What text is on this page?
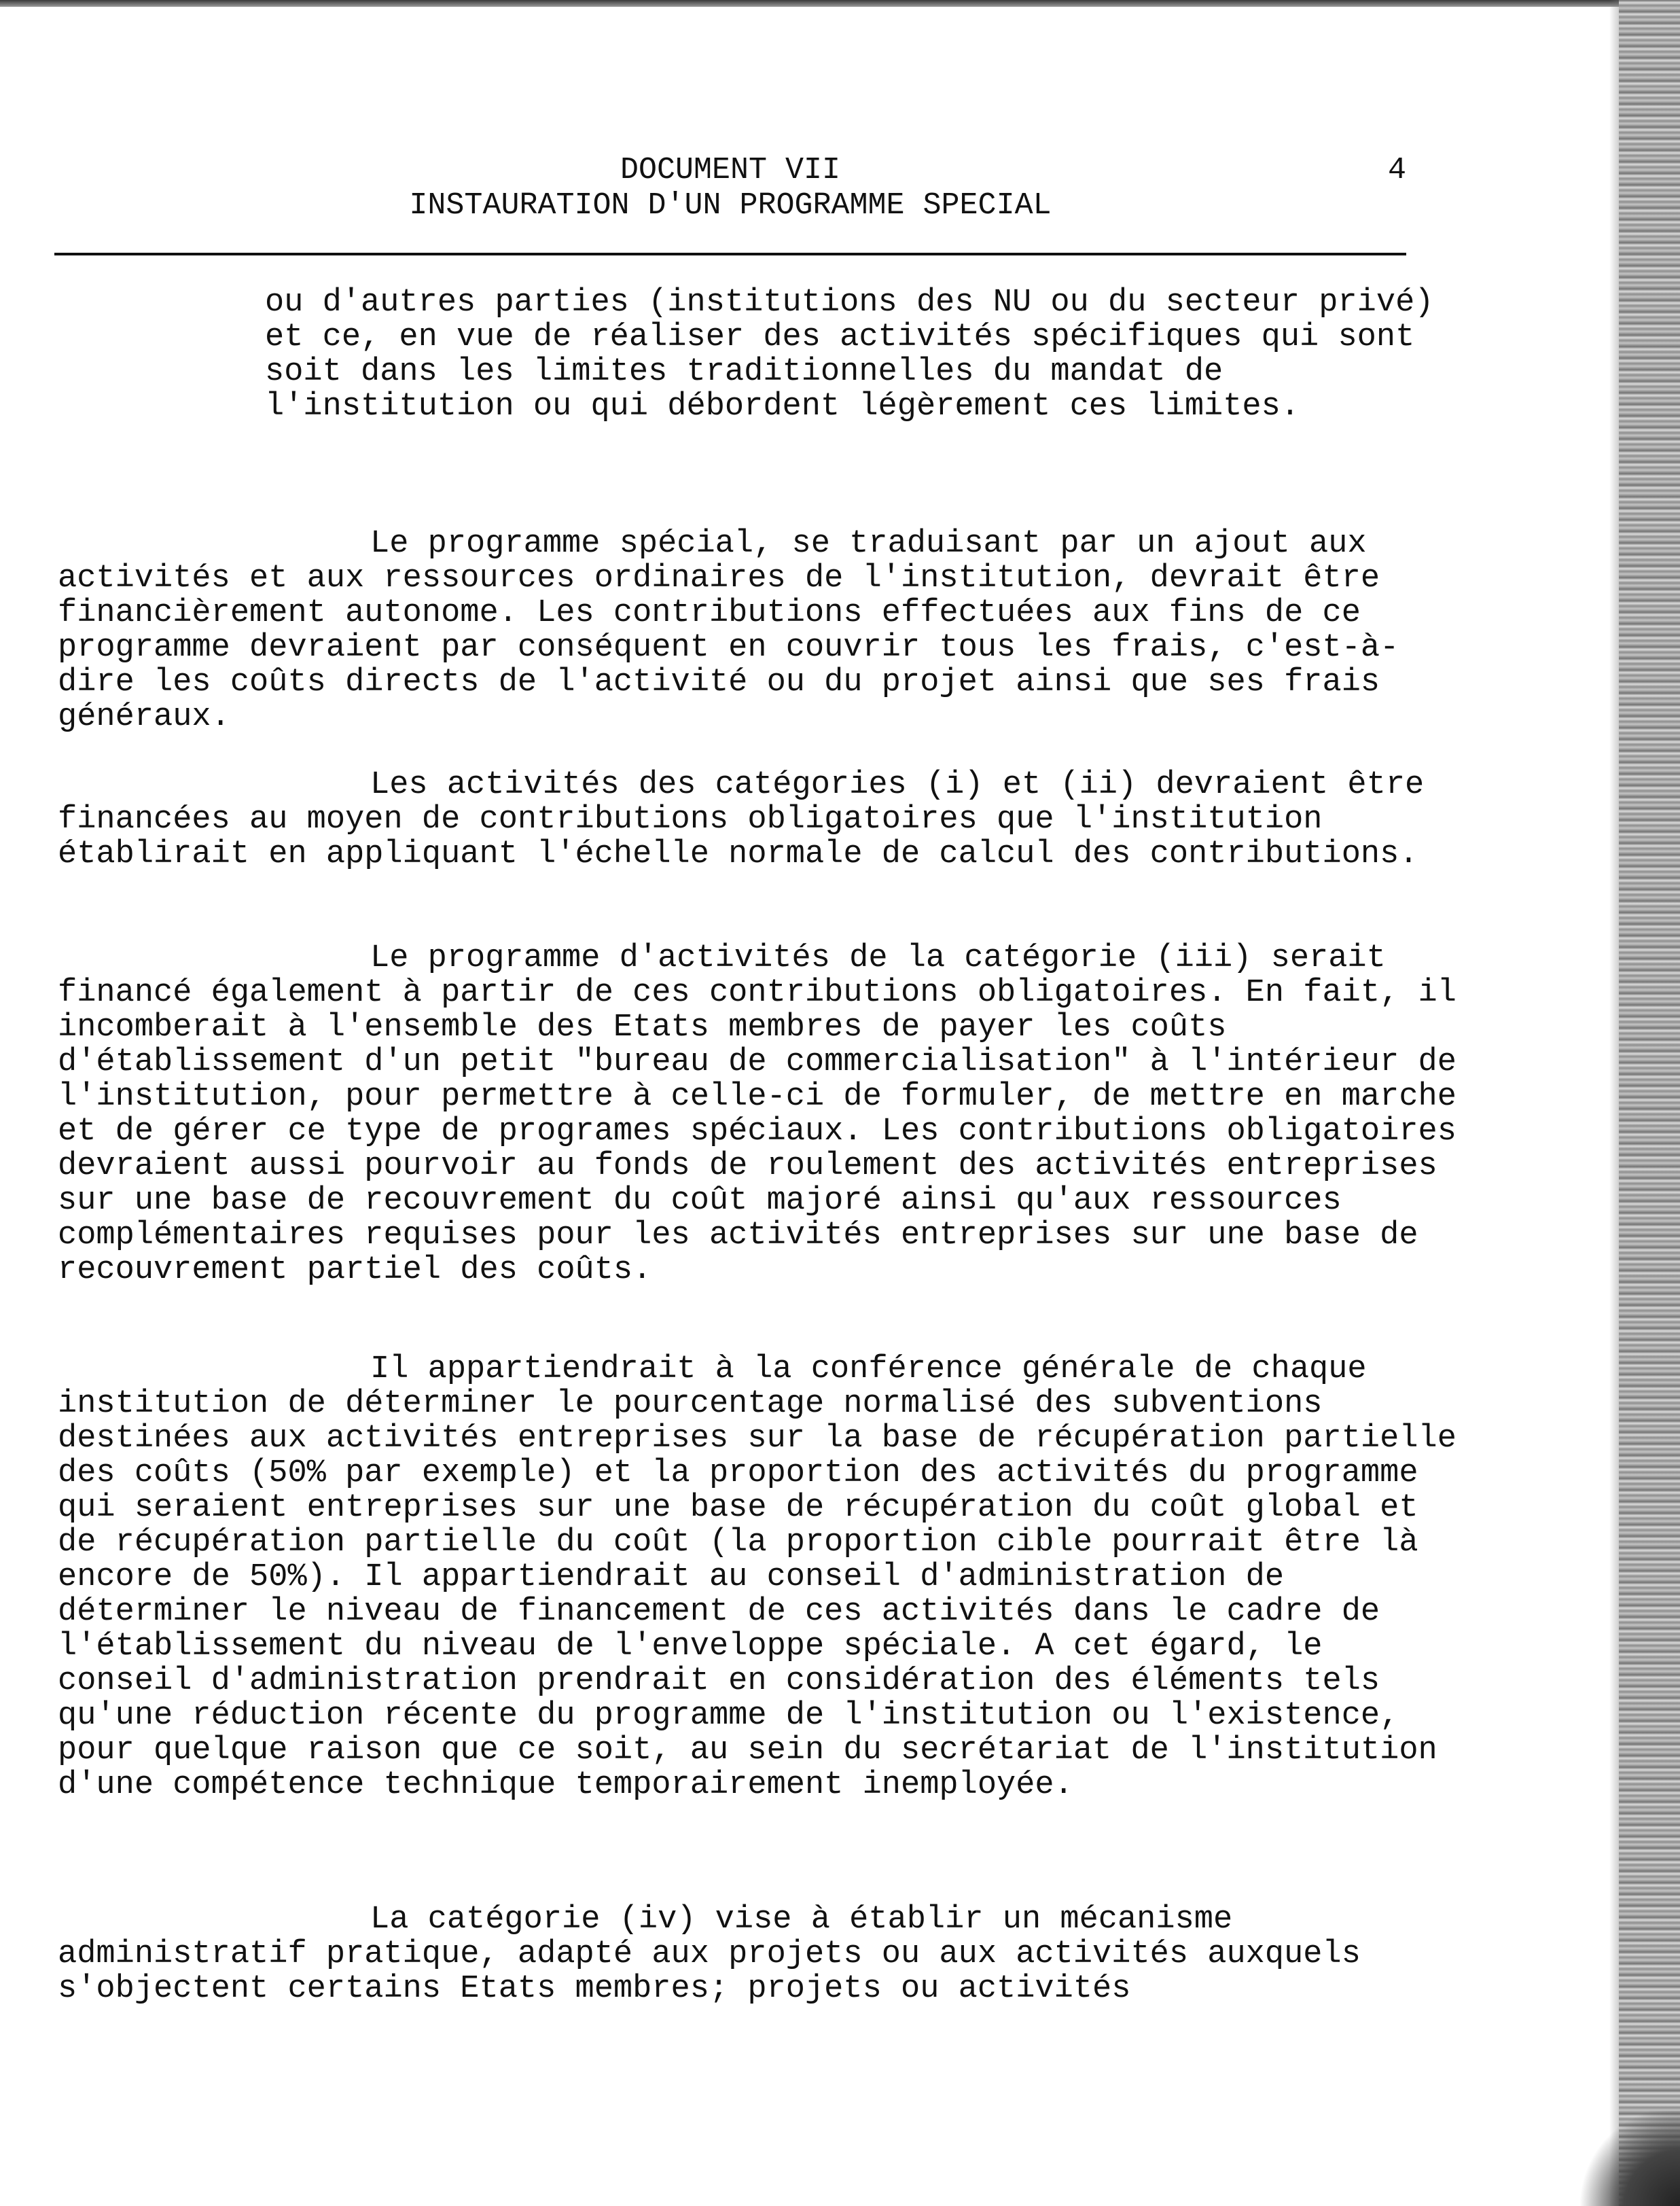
DOCUMENT VII
INSTAURATION D'UN PROGRAMME SPECIAL
4

ou d'autres parties (institutions des NU ou du secteur privé) et ce, en vue de réaliser des activités spécifiques qui sont soit dans les limites traditionnelles du mandat de l'institution ou qui débordent légèrement ces limites.

Le programme spécial, se traduisant par un ajout aux activités et aux ressources ordinaires de l'institution, devrait être financièrement autonome. Les contributions effectuées aux fins de ce programme devraient par conséquent en couvrir tous les frais, c'est-à-dire les coûts directs de l'activité ou du projet ainsi que ses frais généraux.

Les activités des catégories (i) et (ii) devraient être financées au moyen de contributions obligatoires que l'institution établirait en appliquant l'échelle normale de calcul des contributions.

Le programme d'activités de la catégorie (iii) serait financé également à partir de ces contributions obligatoires. En fait, il incomberait à l'ensemble des Etats membres de payer les coûts d'établissement d'un petit "bureau de commercialisation" à l'intérieur de l'institution, pour permettre à celle-ci de formuler, de mettre en marche et de gérer ce type de programes spéciaux. Les contributions obligatoires devraient aussi pourvoir au fonds de roulement des activités entreprises sur une base de recouvrement du coût majoré ainsi qu'aux ressources complémentaires requises pour les activités entreprises sur une base de recouvrement partiel des coûts.

Il appartiendrait à la conférence générale de chaque institution de déterminer le pourcentage normalisé des subventions destinées aux activités entreprises sur la base de récupération partielle des coûts (50% par exemple) et la proportion des activités du programme qui seraient entreprises sur une base de récupération du coût global et de récupération partielle du coût (la proportion cible pourrait être là encore de 50%). Il appartiendrait au conseil d'administration de déterminer le niveau de financement de ces activités dans le cadre de l'établissement du niveau de l'enveloppe spéciale. A cet égard, le conseil d'administration prendrait en considération des éléments tels qu'une réduction récente du programme de l'institution ou l'existence, pour quelque raison que ce soit, au sein du secrétariat de l'institution d'une compétence technique temporairement inemployée.

La catégorie (iv) vise à établir un mécanisme administratif pratique, adapté aux projets ou aux activités auxquels s'objectent certains Etats membres; projets ou activités
